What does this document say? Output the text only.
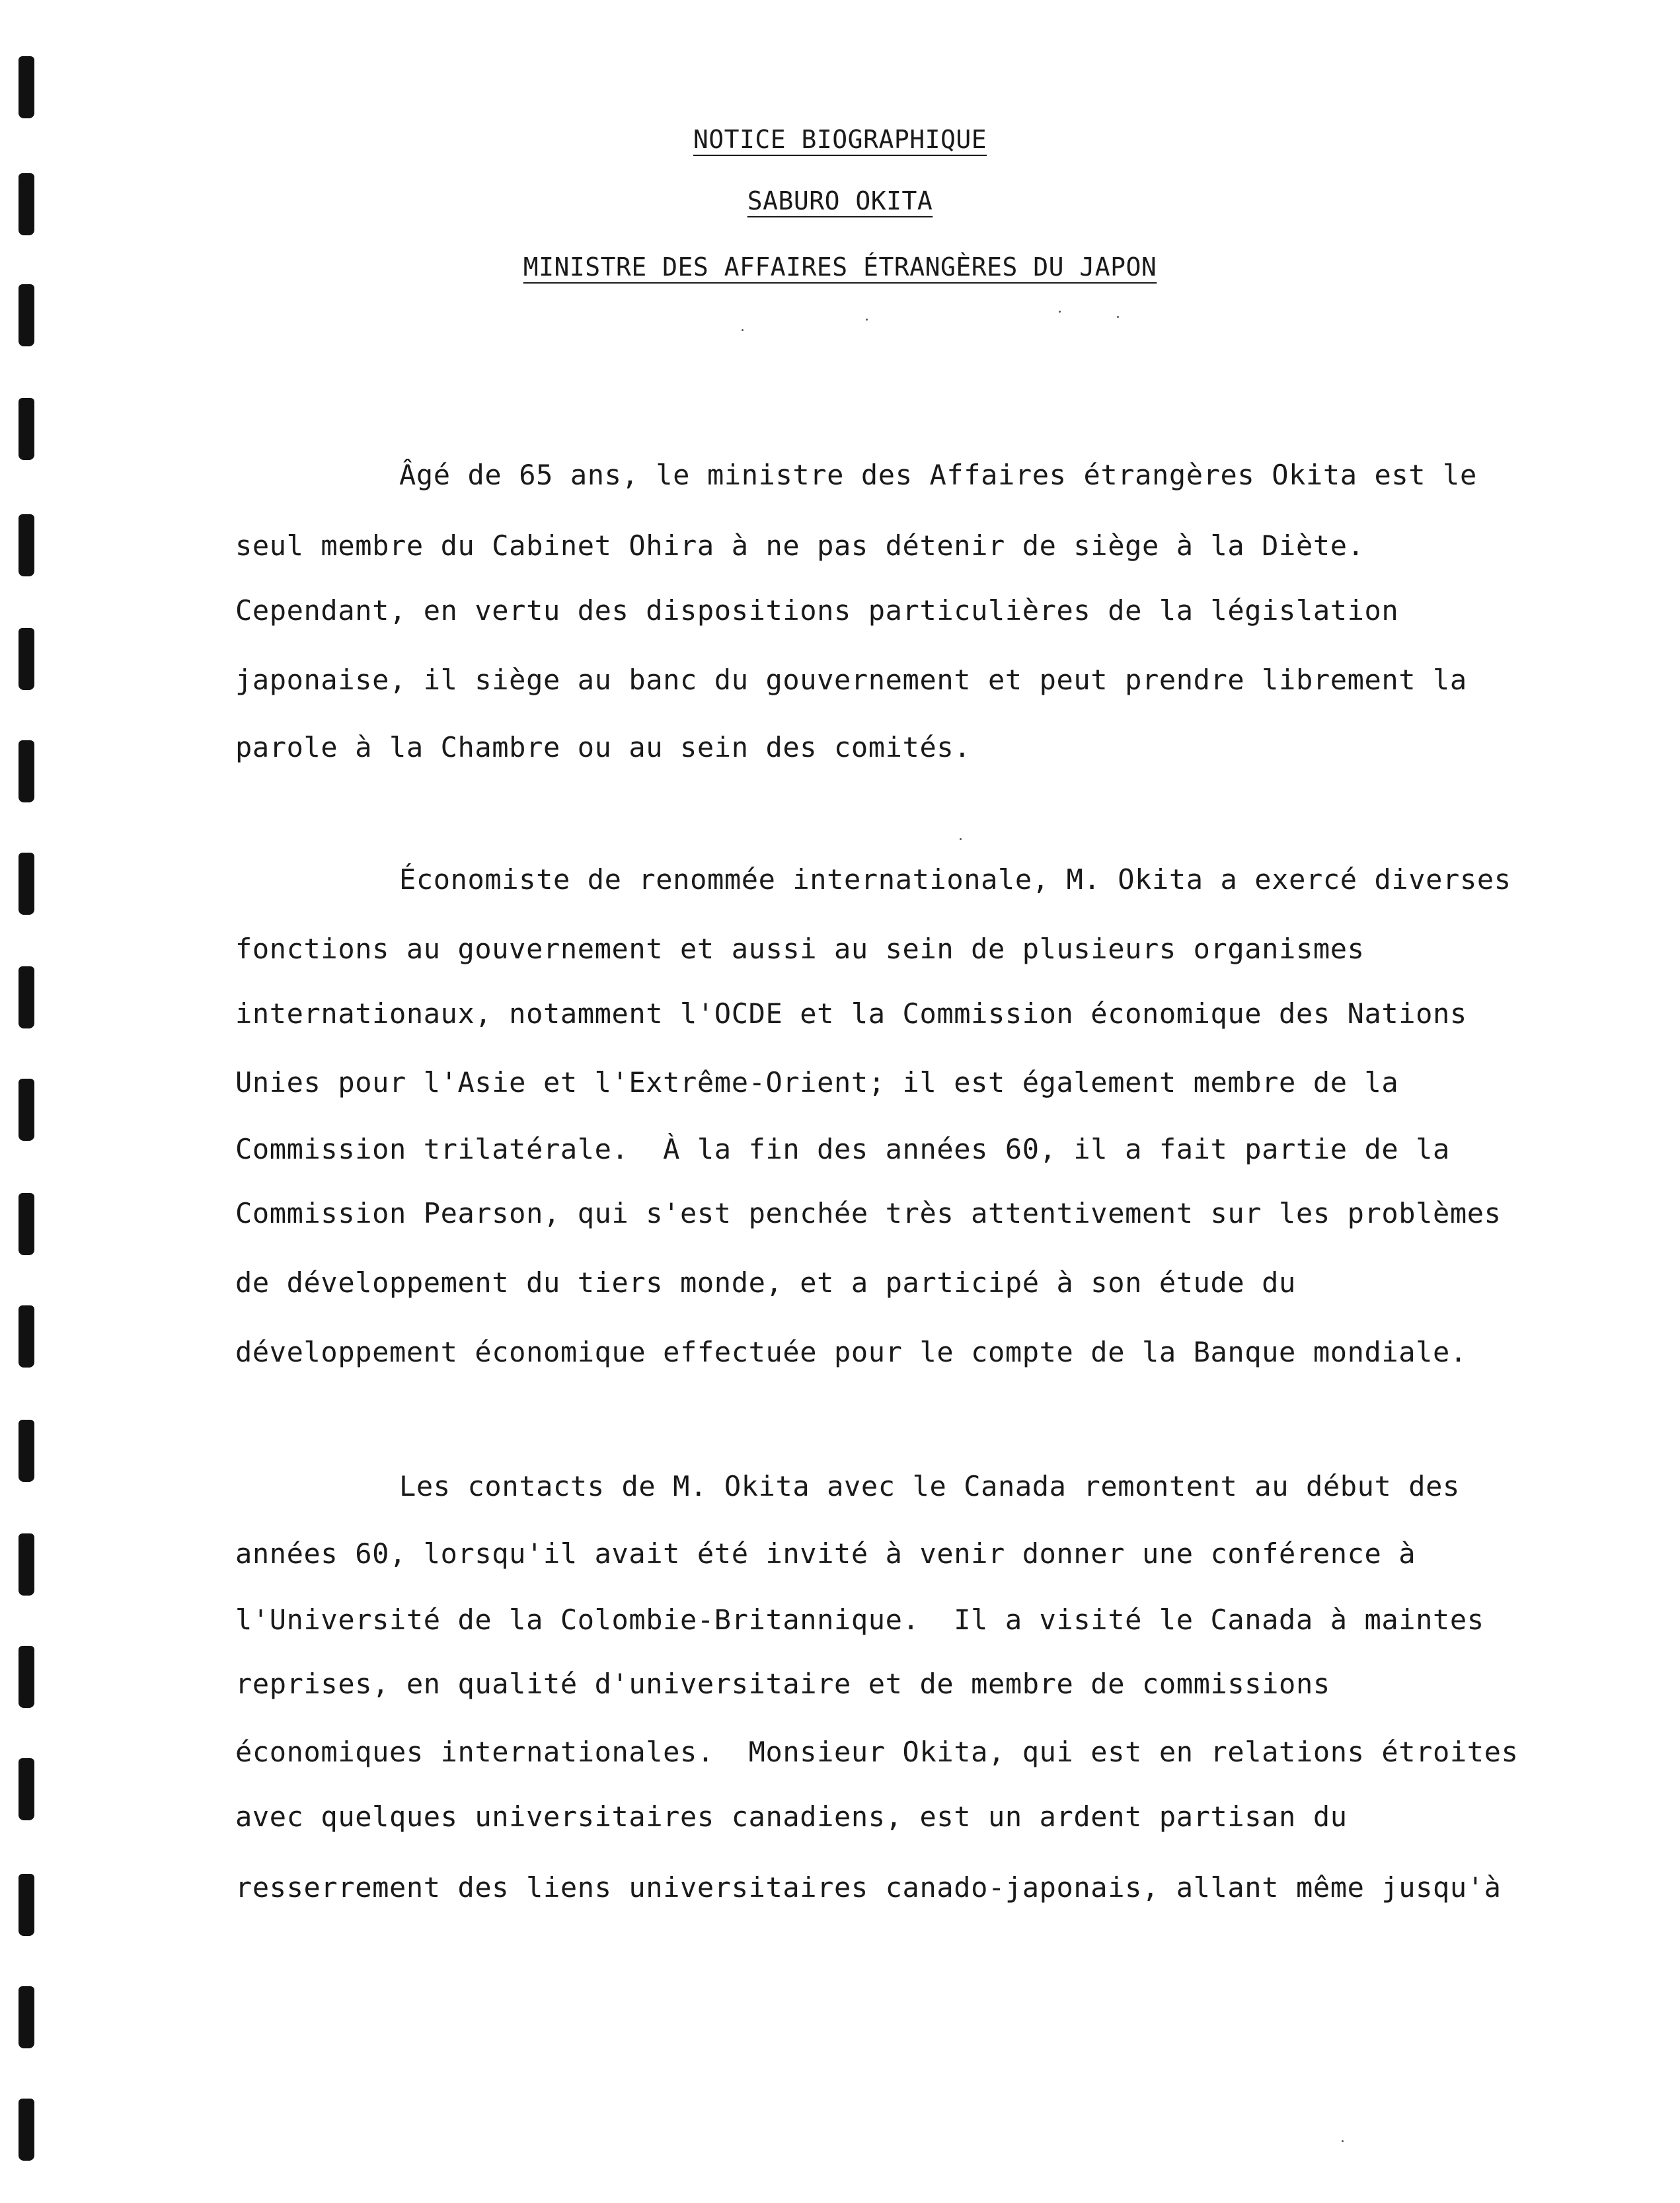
NOTICE BIOGRAPHIQUE
SABURO OKITA
MINISTRE DES AFFAIRES ÉTRANGÈRES DU JAPON
Âgé de 65 ans, le ministre des Affaires étrangères Okita est le
seul membre du Cabinet Ohira à ne pas détenir de siège à la Diète.
Cependant, en vertu des dispositions particulières de la législation
japonaise, il siège au banc du gouvernement et peut prendre librement la
parole à la Chambre ou au sein des comités.
Économiste de renommée internationale, M. Okita a exercé diverses
fonctions au gouvernement et aussi au sein de plusieurs organismes
internationaux, notamment l'OCDE et la Commission économique des Nations
Unies pour l'Asie et l'Extrême-Orient; il est également membre de la
Commission trilatérale.  À la fin des années 60, il a fait partie de la
Commission Pearson, qui s'est penchée très attentivement sur les problèmes
de développement du tiers monde, et a participé à son étude du
développement économique effectuée pour le compte de la Banque mondiale.
Les contacts de M. Okita avec le Canada remontent au début des
années 60, lorsqu'il avait été invité à venir donner une conférence à
l'Université de la Colombie-Britannique.  Il a visité le Canada à maintes
reprises, en qualité d'universitaire et de membre de commissions
économiques internationales.  Monsieur Okita, qui est en relations étroites
avec quelques universitaires canadiens, est un ardent partisan du
resserrement des liens universitaires canado-japonais, allant même jusqu'à
